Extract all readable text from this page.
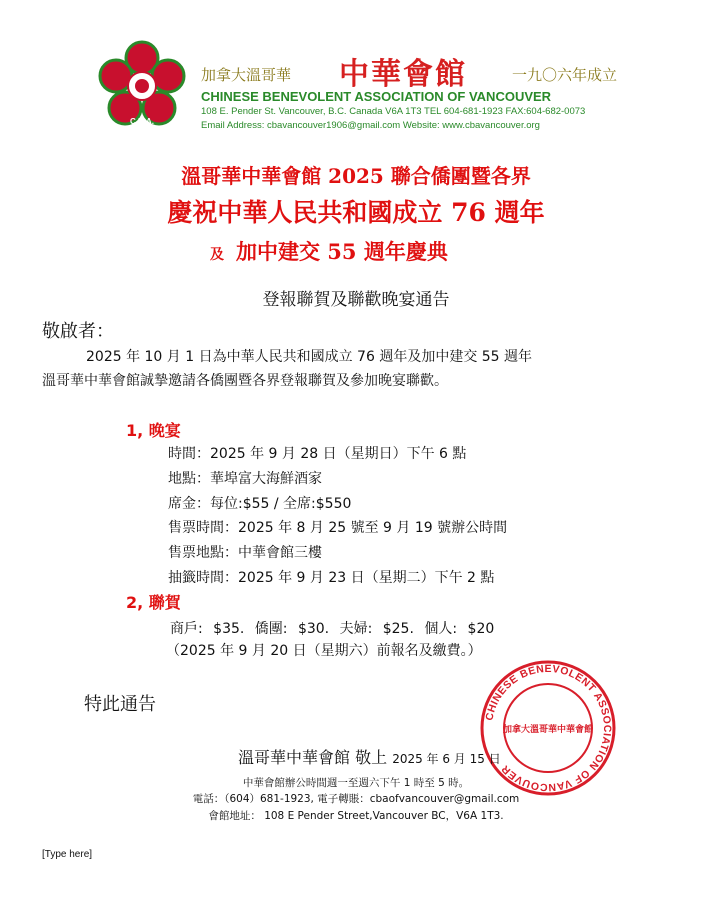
C.B.A.
加拿大溫哥華 中華會館	一九〇六年成立
CHINESE BENEVOLENT ASSOCIATION OF VANCOUVER
108 E. Pender St. Vancouver, B.C. Canada V6A 1T3 TEL 604-681-1923 FAX:604-682-0073
Email Address: cbavancouver1906@gmail.com Website: www.cbavancouver.org
溫哥華中華會館 2025 聯合僑團暨各界
慶祝中華人民共和國成立 76 週年
及 加中建交 55 週年慶典
登報聯賀及聯歡晚宴通告
敬啟者：
2025 年 10 月 1 日為中華人民共和國成立 76 週年及加中建交 55 週年
溫哥華中華會館誠摯邀請各僑團暨各界登報聯賀及參加晚宴聯歡。
1, 晚宴
時間：2025 年 9 月 28 日（星期日）下午 6 點
地點：華埠富大海鮮酒家
席金：每位:$55 / 全席:$550
售票時間：2025 年 8 月 25 號至 9 月 19 號辦公時間
售票地點：中華會館三樓
抽籤時間：2025 年 9 月 23 日（星期二）下午 2 點
2, 聯賀
商戶: $35. 僑團: $30. 夫婦: $25. 個人: $20
（2025 年 9 月 20 日（星期六）前報名及繳費。）
特此通告
CHINESE BENEVOLENT ASSOCIATION OF VANCOUVER
加拿大溫哥華中華會館
溫哥華中華會館 敬上 2025 年 6 月 15 日
中華會館辦公時間週一至週六下午 1 時至 5 時。
電話：（604）681-1923, 電子轉賬：cbaofvancouver@gmail.com
會館地址： 108 E Pender Street,Vancouver BC，V6A 1T3.
[Type here]
